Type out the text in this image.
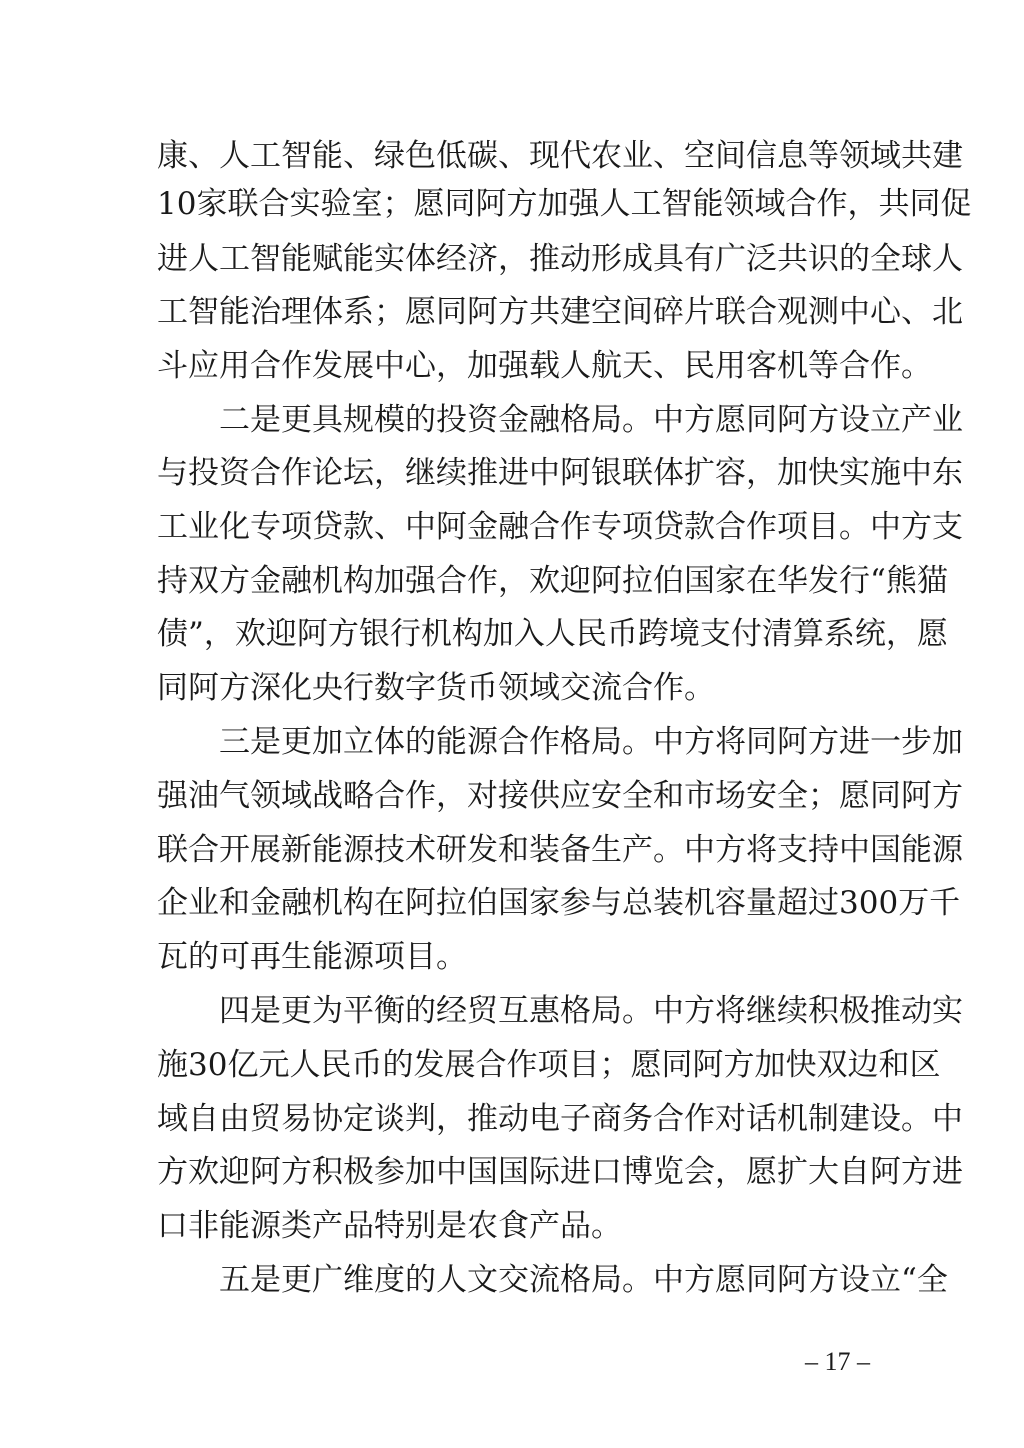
康、人工智能、绿色低碳、现代农业、空间信息等领域共建
10家联合实验室；愿同阿方加强人工智能领域合作，共同促
进人工智能赋能实体经济，推动形成具有广泛共识的全球人
工智能治理体系；愿同阿方共建空间碎片联合观测中心、北
斗应用合作发展中心，加强载人航天、民用客机等合作。
　　二是更具规模的投资金融格局。中方愿同阿方设立产业
与投资合作论坛，继续推进中阿银联体扩容，加快实施中东
工业化专项贷款、中阿金融合作专项贷款合作项目。中方支
持双方金融机构加强合作，欢迎阿拉伯国家在华发行“熊猫
债”，欢迎阿方银行机构加入人民币跨境支付清算系统，愿
同阿方深化央行数字货币领域交流合作。
　　三是更加立体的能源合作格局。中方将同阿方进一步加
强油气领域战略合作，对接供应安全和市场安全；愿同阿方
联合开展新能源技术研发和装备生产。中方将支持中国能源
企业和金融机构在阿拉伯国家参与总装机容量超过300万千
瓦的可再生能源项目。
　　四是更为平衡的经贸互惠格局。中方将继续积极推动实
施30亿元人民币的发展合作项目；愿同阿方加快双边和区
域自由贸易协定谈判，推动电子商务合作对话机制建设。中
方欢迎阿方积极参加中国国际进口博览会，愿扩大自阿方进
口非能源类产品特别是农食产品。
　　五是更广维度的人文交流格局。中方愿同阿方设立“全
– 17 –
